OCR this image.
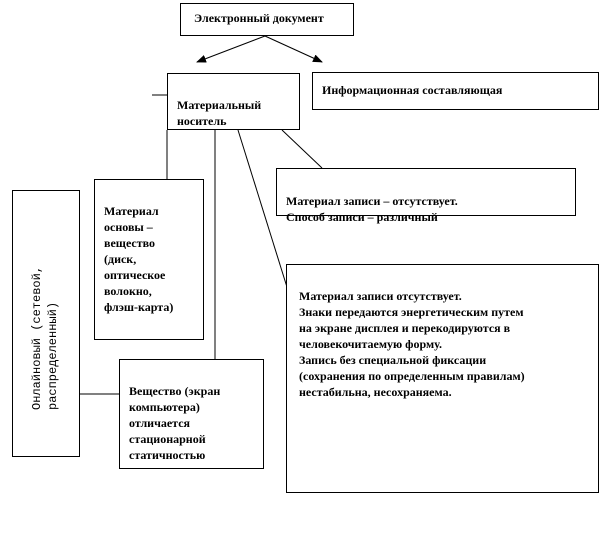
Электронный документ

Материальный
носитель

Информационная составляющая

Материал записи – отсутствует.
Способ записи – различный

Материал
основы –
вещество
(диск,
оптическое
волокно,
флэш-карта)

Материал записи отсутствует.
Знаки передаются энергетическим путем
на экране дисплея и перекодируются в
человекочитаемую форму.
Запись без специальной фиксации
(сохранения по определенным правилам)
нестабильна, несохраняема.

Вещество (экран
компьютера)
отличается
стационарной
статичностью

Онлайновый (сетевой,
распределенный)
